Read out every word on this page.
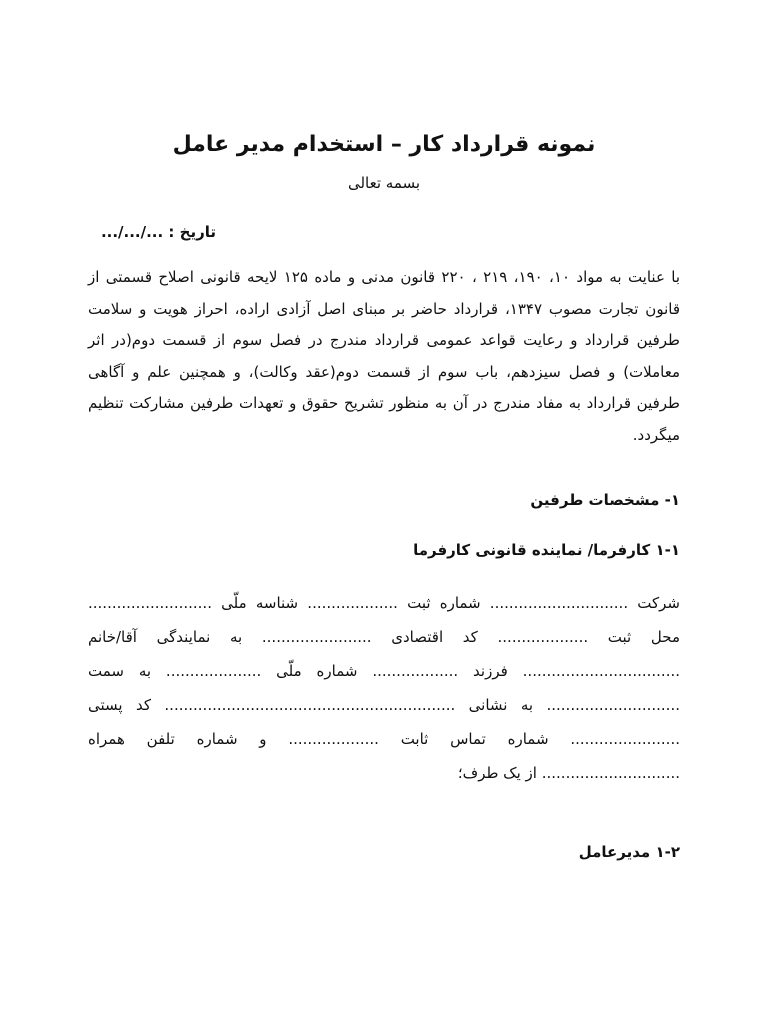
نمونه قرارداد کار – استخدام مدیر عامل

بسمه تعالی

تاریخ : .../.../...

با عنایت به مواد ۱۰، ۱۹۰، ۲۱۹ ، ۲۲۰ قانون مدنی و ماده ۱۲۵ لایحه قانونی اصلاح قسمتی از قانون تجارت مصوب ۱۳۴۷، قرارداد حاضر بر مبنای اصل آزادی اراده، احراز هویت و سلامت طرفین قرارداد و رعایت قواعد عمومی قرارداد مندرج در فصل سوم از قسمت دوم(در اثر معاملات) و فصل سیزدهم، باب سوم از قسمت دوم(عقد وکالت)، و همچنین علم و آگاهی طرفین قرارداد به مفاد مندرج در آن به منظور تشریح حقوق و تعهدات طرفین مشارکت تنظیم میگردد.

۱- مشخصات طرفین
۱-۱ کارفرما/ نماینده قانونی کارفرما

شرکت ............................. شماره ثبت ................... شناسه ملّی .......................... محل ثبت ................... کد اقتصادی ....................... به نمایندگی آقا/خانم ................................. فرزند .................. شماره ملّی .................... به سمت ............................ به نشانی ............................................................. کد پستی ....................... شماره تماس ثابت ................... و شماره تلفن همراه ............................. از یک طرف؛

۱-۲ مدیرعامل
